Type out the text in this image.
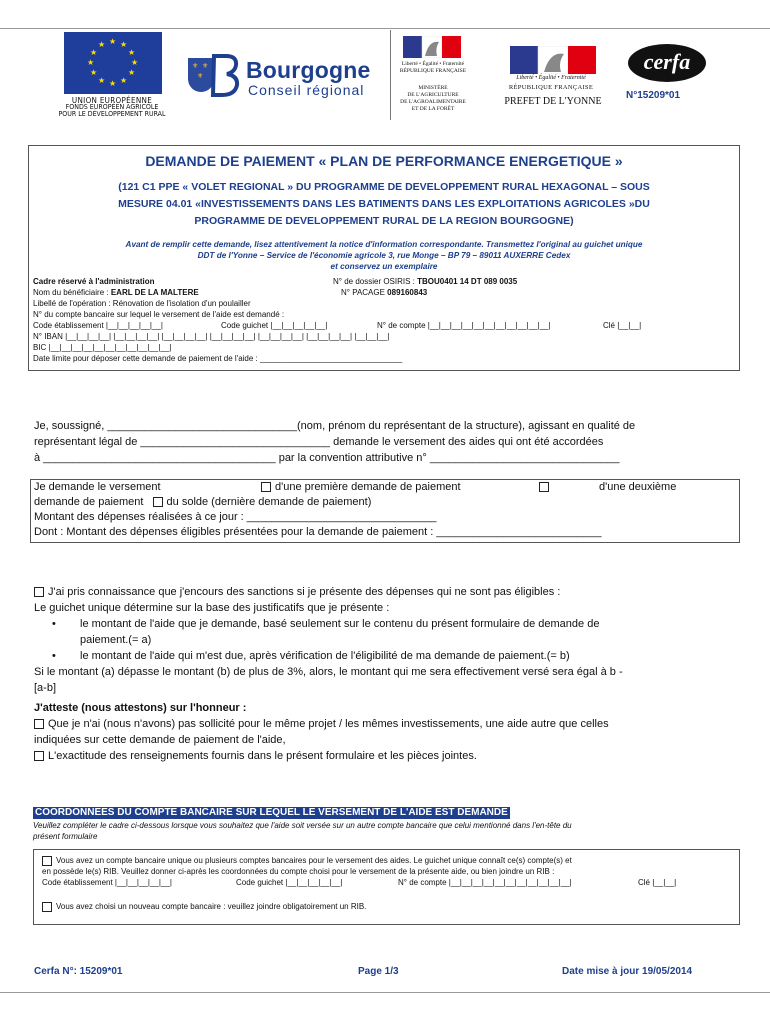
★ ★
★
★
★
★
★
★
★
★
★
★
UNION EUROPÉENNE
FONDS EUROPÉEN AGRICOLE
POUR LE DÉVELOPPEMENT RURAL
⚜ ⚜
⚜ Bourgogne
Conseil régional
Liberté • Égalité • Fraternité
RÉPUBLIQUE FRANÇAISE
MINISTÈRE
DE L'AGRICULTURE
DE L'AGROALIMENTAIRE
ET DE LA FORÊT
Liberté • Égalité • Fraternité
RÉPUBLIQUE FRANÇAISE
PREFET DE L'YONNE
cerfa
N°15209*01
DEMANDE DE PAIEMENT « PLAN DE PERFORMANCE ENERGETIQUE »
(121 C1 PPE « VOLET REGIONAL » DU PROGRAMME DE DEVELOPPEMENT RURAL HEXAGONAL – SOUS
MESURE 04.01 «INVESTISSEMENTS DANS LES BATIMENTS DANS LES EXPLOITATIONS AGRICOLES »DU
PROGRAMME DE DEVELOPPEMENT RURAL DE LA REGION BOURGOGNE)
Avant de remplir cette demande, lisez attentivement la notice d'information correspondante. Transmettez l'original au guichet unique
DDT de l'Yonne – Service de l'économie agricole 3, rue Monge – BP 79 – 89011 AUXERRE Cedex
et conservez un exemplaire
Cadre réservé à l'administration	N° de dossier OSIRIS : TBOU0401 14 DT 089 0035
Nom du bénéficiaire : EARL DE LA MALTERE	N° PACAGE 089160843
Libellé de l'opération : Rénovation de l'isolation d'un poulailler
N° du compte bancaire sur lequel le versement de l'aide est demandé :
Code établissement |__|__|__|__|__|	Code guichet |__|__|__|__|__|	N° de compte |__|__|__|__|__|__|__|__|__|__|__|	Clé |__|__|
N° IBAN |__|__|__|__| |__|__|__|__| |__|__|__|__| |__|__|__|__| |__|__|__|__| |__|__|__|__| |__|__|__|
BIC |__|__|__|__|__|__|__|__|__|__|__|
Date limite pour déposer cette demande de paiement de l'aide : ________________________________
Je, soussigné, _______________________________(nom, prénom du représentant de la structure), agissant en qualité de
représentant légal de _______________________________ demande le versement des aides qui ont été accordées
à ______________________________________ par la convention attributive n° _______________________________
Je demande le versement	d'une première demande de paiement	d'une deuxième
demande de paiement du solde (dernière demande de paiement)
Montant des dépenses réalisées à ce jour : _______________________________
Dont : Montant des dépenses éligibles présentées pour la demande de paiement : ___________________________
J'ai pris connaissance que j'encours des sanctions si je présente des dépenses qui ne sont pas éligibles :
Le guichet unique détermine sur la base des justificatifs que je présente :
•	le montant de l'aide que je demande, basé seulement sur le contenu du présent formulaire de demande de
paiement.(= a)
• le montant de l'aide qui m'est due, après vérification de l'éligibilité de ma demande de paiement.(= b)
Si le montant (a) dépasse le montant (b) de plus de 3%, alors, le montant qui me sera effectivement versé sera égal à b -
[a-b]
J'atteste (nous attestons) sur l'honneur :
Que je n'ai (nous n'avons) pas sollicité pour le même projet / les mêmes investissements, une aide autre que celles
indiquées sur cette demande de paiement de l'aide,
L'exactitude des renseignements fournis dans le présent formulaire et les pièces jointes.
COORDONNEES DU COMPTE BANCAIRE SUR LEQUEL LE VERSEMENT DE L'AIDE EST DEMANDE
Veuillez compléter le cadre ci-dessous lorsque vous souhaitez que l'aide soit versée sur un autre compte bancaire que celui mentionné dans l'en-tête du
présent formulaire
Vous avez un compte bancaire unique ou plusieurs comptes bancaires pour le versement des aides. Le guichet unique connaît ce(s) compte(s) et
en possède le(s) RIB. Veuillez donner ci-après les coordonnées du compte choisi pour le versement de la présente aide, ou bien joindre un RIB :
Code établissement |__|__|__|__|__|	Code guichet |__|__|__|__|__|	N° de compte |__|__|__|__|__|__|__|__|__|__|__|	Clé |__|__|
Vous avez choisi un nouveau compte bancaire : veuillez joindre obligatoirement un RIB.
Cerfa N°: 15209*01	Page 1/3	Date mise à jour 19/05/2014
